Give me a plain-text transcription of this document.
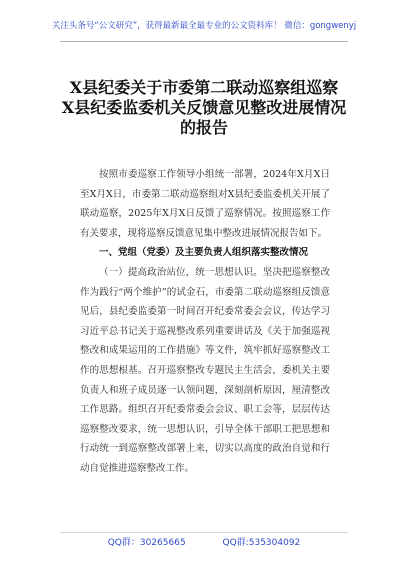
关注头条号“公文研究”，获得最新最全最专业的公文资料库！ 微信：gongwenyj
X县纪委关于市委第二联动巡察组巡察
X县纪委监委机关反馈意见整改进展情况
的报告

按照市委巡察工作领导小组统一部署，2024年X月X日至X月X日，市委第二联动巡察组对X县纪委监委机关开展了联动巡察，2025年X月X日反馈了巡察情况。按照巡察工作有关要求，现将巡察反馈意见集中整改进展情况报告如下。

一、党组（党委）及主要负责人组织落实整改情况

（一）提高政治站位，统一思想认识。坚决把巡察整改作为践行“两个维护”的试金石，市委第二联动巡察组反馈意见后，县纪委监委第一时间召开纪委常委会会议，传达学习习近平总书记关于巡视整改系列重要讲话及《关于加强巡视整改和成果运用的工作措施》等文件，筑牢抓好巡察整改工作的思想根基。召开巡察整改专题民主生活会，委机关主要负责人和班子成员逐一认领问题，深刻剖析原因，厘清整改工作思路。组织召开纪委常委会会议、职工会等，层层传达巡察整改要求，统一思想认识，引导全体干部职工把思想和行动统一到巡察整改部署上来，切实以高度的政治自觉和行动自觉推进巡察整改工作。

QQ群：30265665	QQ群:535304092
